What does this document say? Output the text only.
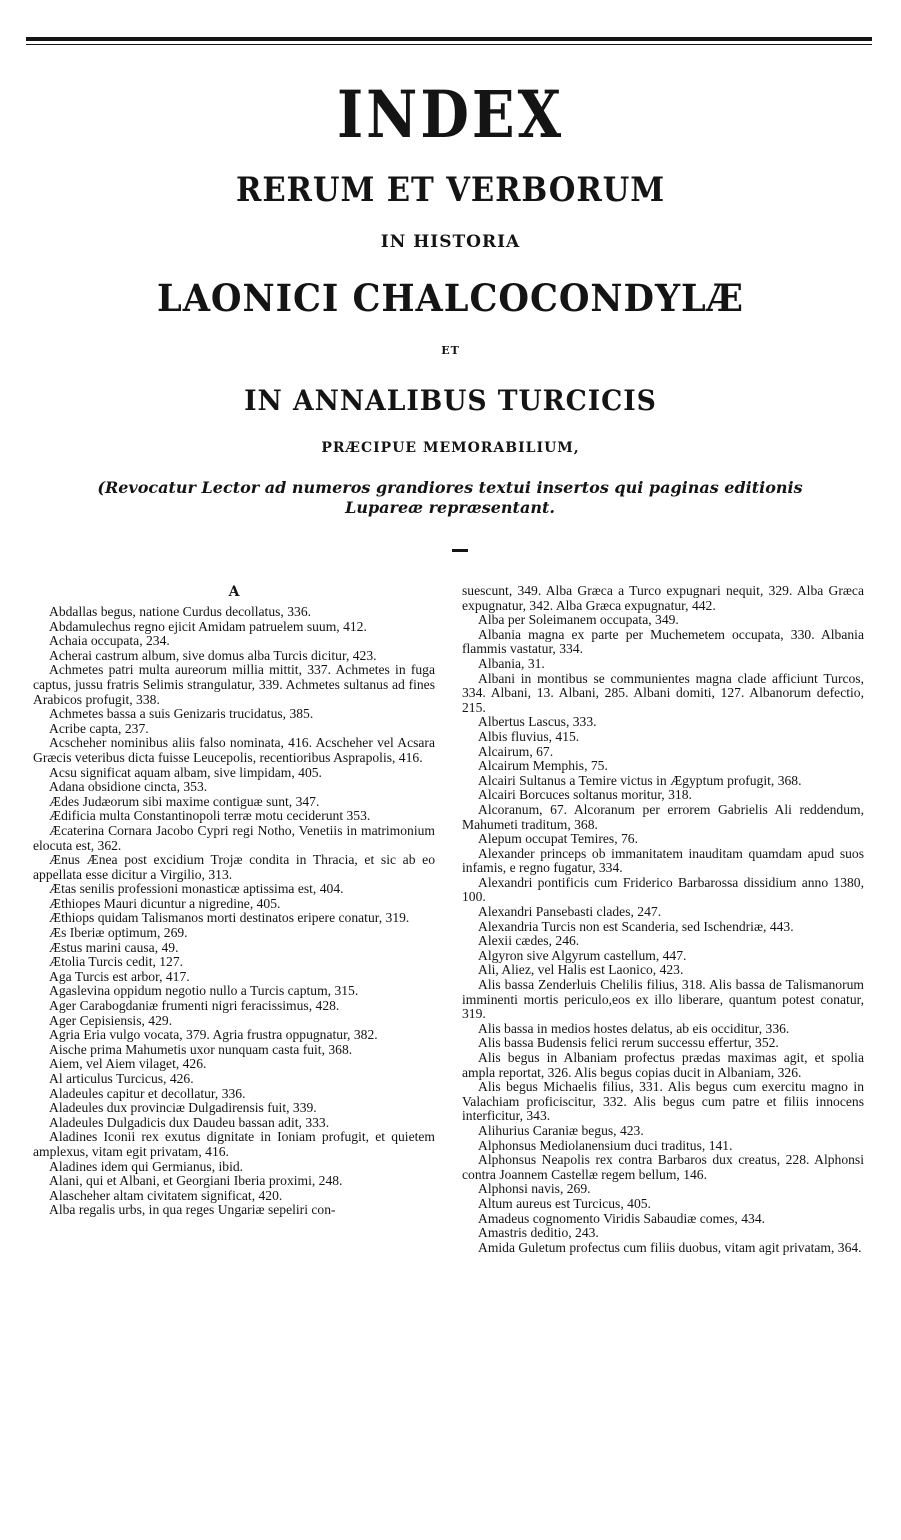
INDEX
RERUM ET VERBORUM
IN HISTORIA
LAONICI CHALCOCONDYLÆ
ET
IN ANNALIBUS TURCICIS
PRÆCIPUE MEMORABILIUM,
(Revocatur Lector ad numeros grandiores textui insertos qui paginas editionis Lupareæ repræsentant.
A

Abdallas begus, natione Curdus decollatus, 336.

Abdamulechus regno ejicit Amidam patruelem suum, 412.

Achaia occupata, 234.

Acherai castrum album, sive domus alba Turcis dicitur, 423.

Achmetes patri multa aureorum millia mittit, 337. Achmetes in fuga captus, jussu fratris Selimis strangulatur, 339. Achmetes sultanus ad fines Arabicos profugit, 338.

Achmetes bassa a suis Genizaris trucidatus, 385.

Acribe capta, 237.

Acscheher nominibus aliis falso nominata, 416. Acscheher vel Acsara Græcis veteribus dicta fuisse Leucepolis, recentioribus Asprapolis, 416.

Acsu significat aquam albam, sive limpidam, 405.

Adana obsidione cincta, 353.

Ædes Judæorum sibi maxime contiguæ sunt, 347.

Ædificia multa Constantinopoli terræ motu ceciderunt 353.

Æcaterina Cornara Jacobo Cypri regi Notho, Venetiis in matrimonium elocuta est, 362.

Ænus Ænea post excidium Trojæ condita in Thracia, et sic ab eo appellata esse dicitur a Virgilio, 313.

Ætas senilis professioni monasticæ aptissima est, 404.

Æthiopes Mauri dicuntur a nigredine, 405.

Æthiops quidam Talismanos morti destinatos eripere conatur, 319.

Æs Iberiæ optimum, 269.

Æstus marini causa, 49.

Ætolia Turcis cedit, 127.

Aga Turcis est arbor, 417.

Agaslevina oppidum negotio nullo a Turcis captum, 315.

Ager Carabogdaniæ frumenti nigri feracissimus, 428.

Ager Cepisiensis, 429.

Agria Eria vulgo vocata, 379. Agria frustra oppugnatur, 382.

Aische prima Mahumetis uxor nunquam casta fuit, 368.

Aiem, vel Aiem vilaget, 426.

Al articulus Turcicus, 426.

Aladeules capitur et decollatur, 336.

Aladeules dux provinciæ Dulgadirensis fuit, 339.

Aladeules Dulgadicis dux Daudeu bassan adit, 333.

Aladines Iconii rex exutus dignitate in Ioniam profugit, et quietem amplexus, vitam egit privatam, 416.

Aladines idem qui Germianus, ibid.

Alani, qui et Albani, et Georgiani Iberia proximi, 248.

Alascheher altam civitatem significat, 420.

Alba regalis urbs, in qua reges Ungariæ sepeliri con-

suescunt, 349. Alba Græca a Turco expugnari nequit, 329. Alba Græca expugnatur, 342. Alba Græca expugnatur, 442.

Alba per Soleimanem occupata, 349.

Albania magna ex parte per Muchemetem occupata, 330. Albania flammis vastatur, 334.

Albania, 31.

Albani in montibus se communientes magna clade afficiunt Turcos, 334. Albani, 13. Albani, 285. Albani domiti, 127. Albanorum defectio, 215.

Albertus Lascus, 333.

Albis fluvius, 415.

Alcairum, 67.

Alcairum Memphis, 75.

Alcairi Sultanus a Temire victus in Ægyptum profugit, 368.

Alcairi Borcuces soltanus moritur, 318.

Alcoranum, 67. Alcoranum per errorem Gabrielis Ali reddendum, Mahumeti traditum, 368.

Alepum occupat Temires, 76.

Alexander princeps ob immanitatem inauditam quamdam apud suos infamis, e regno fugatur, 334.

Alexandri pontificis cum Friderico Barbarossa dissidium anno 1380, 100.

Alexandri Pansebasti clades, 247.

Alexandria Turcis non est Scanderia, sed Ischendriæ, 443.

Alexii cædes, 246.

Algyron sive Algyrum castellum, 447.

Ali, Aliez, vel Halis est Laonico, 423.

Alis bassa Zenderluis Chelilis filius, 318. Alis bassa de Talismanorum imminenti mortis periculo,eos ex illo liberare, quantum potest conatur, 319.

Alis bassa in medios hostes delatus, ab eis occiditur, 336.

Alis bassa Budensis felici rerum successu effertur, 352.

Alis begus in Albaniam profectus prædas maximas agit, et spolia ampla reportat, 326. Alis begus copias ducit in Albaniam, 326.

Alis begus Michaelis filius, 331. Alis begus cum exercitu magno in Valachiam proficiscitur, 332. Alis begus cum patre et filiis innocens interficitur, 343.

Alihurius Caraniæ begus, 423.

Alphonsus Mediolanensium duci traditus, 141.

Alphonsus Neapolis rex contra Barbaros dux creatus, 228. Alphonsi contra Joannem Castellæ regem bellum, 146.

Alphonsi navis, 269.

Altum aureus est Turcicus, 405.

Amadeus cognomento Viridis Sabaudiæ comes, 434.

Amastris deditio, 243.

Amida Guletum profectus cum filiis duobus, vitam agit privatam, 364.
